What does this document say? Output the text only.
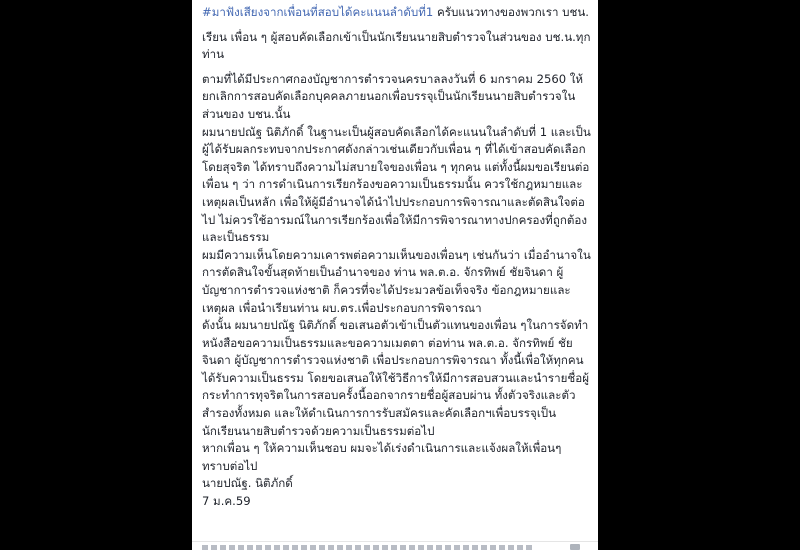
#มาฟังเสียงจากเพื่อนที่สอบได้คะแนนลำดับที่1 ครับแนวทางของพวกเรา บชน.

เรียน เพื่อน ๆ ผู้สอบคัดเลือกเข้าเป็นนักเรียนนายสิบตำรวจในส่วนของ บช.น.ทุกท่าน

ตามที่ได้มีประกาศกองบัญชาการตำรวจนครบาลลงวันที่ 6 มกราคม 2560 ให้ยกเลิกการสอบคัดเลือกบุคคลภายนอกเพื่อบรรจุเป็นนักเรียนนายสิบตำรวจในส่วนของ บชน.นั้น

ผมนายปณัฐ นิติภักดิ์ ในฐานะเป็นผู้สอบคัดเลือกได้คะแนนในลำดับที่ 1 และเป็นผู้ได้รับผลกระทบจากประกาศดังกล่าวเช่นเดียวกับเพื่อน ๆ ที่ได้เข้าสอบคัดเลือกโดยสุจริต ได้ทราบถึงความไม่สบายใจของเพื่อน ๆ ทุกคน แต่ทั้งนี้ผมขอเรียนต่อเพื่อน ๆ ว่า การดำเนินการเรียกร้องขอความเป็นธรรมนั้น ควรใช้กฎหมายและเหตุผลเป็นหลัก เพื่อให้ผู้มีอำนาจได้นำไปประกอบการพิจารณาและตัดสินใจต่อไป ไม่ควรใช้อารมณ์ในการเรียกร้องเพื่อให้มีการพิจารณาทางปกครองที่ถูกต้องและเป็นธรรม

ผมมีความเห็นโดยความเคารพต่อความเห็นของเพื่อนๆ เช่นกันว่า เมื่ออำนาจในการตัดสินใจขั้นสุดท้ายเป็นอำนาจของ ท่าน พล.ต.อ. จักรทิพย์ ชัยจินดา ผู้บัญชาการตำรวจแห่งชาติ ก็ควรที่จะได้ประมวลข้อเท็จจริง ข้อกฎหมายและเหตุผล เพื่อนำเรียนท่าน ผบ.ตร.เพื่อประกอบการพิจารณา

ดังนั้น ผมนายปณัฐ นิติภักดิ์ ขอเสนอตัวเข้าเป็นตัวแทนของเพื่อน ๆในการจัดทำหนังสือขอความเป็นธรรมและขอความเมตตา ต่อท่าน พล.ต.อ. จักรทิพย์ ชัยจินดา ผู้บัญชาการตำรวจแห่งชาติ เพื่อประกอบการพิจารณา ทั้งนี้เพื่อให้ทุกคนได้รับความเป็นธรรม โดยขอเสนอให้ใช้วิธีการให้มีการสอบสวนและนำรายชื่อผู้กระทำการทุจริตในการสอบครั้งนี้ออกจากรายชื่อผู้สอบผ่าน ทั้งตัวจริงและตัวสำรองทั้งหมด และให้ดำเนินการการรับสมัครและคัดเลือกฯเพื่อบรรจุเป็นนักเรียนนายสิบตำรวจด้วยความเป็นธรรมต่อไป

หากเพื่อน ๆ ให้ความเห็นชอบ ผมจะได้เร่งดำเนินการและแจ้งผลให้เพื่อนๆ ทราบต่อไป

นายปณัฐ. นิติภักดิ์

7 ม.ค.59
